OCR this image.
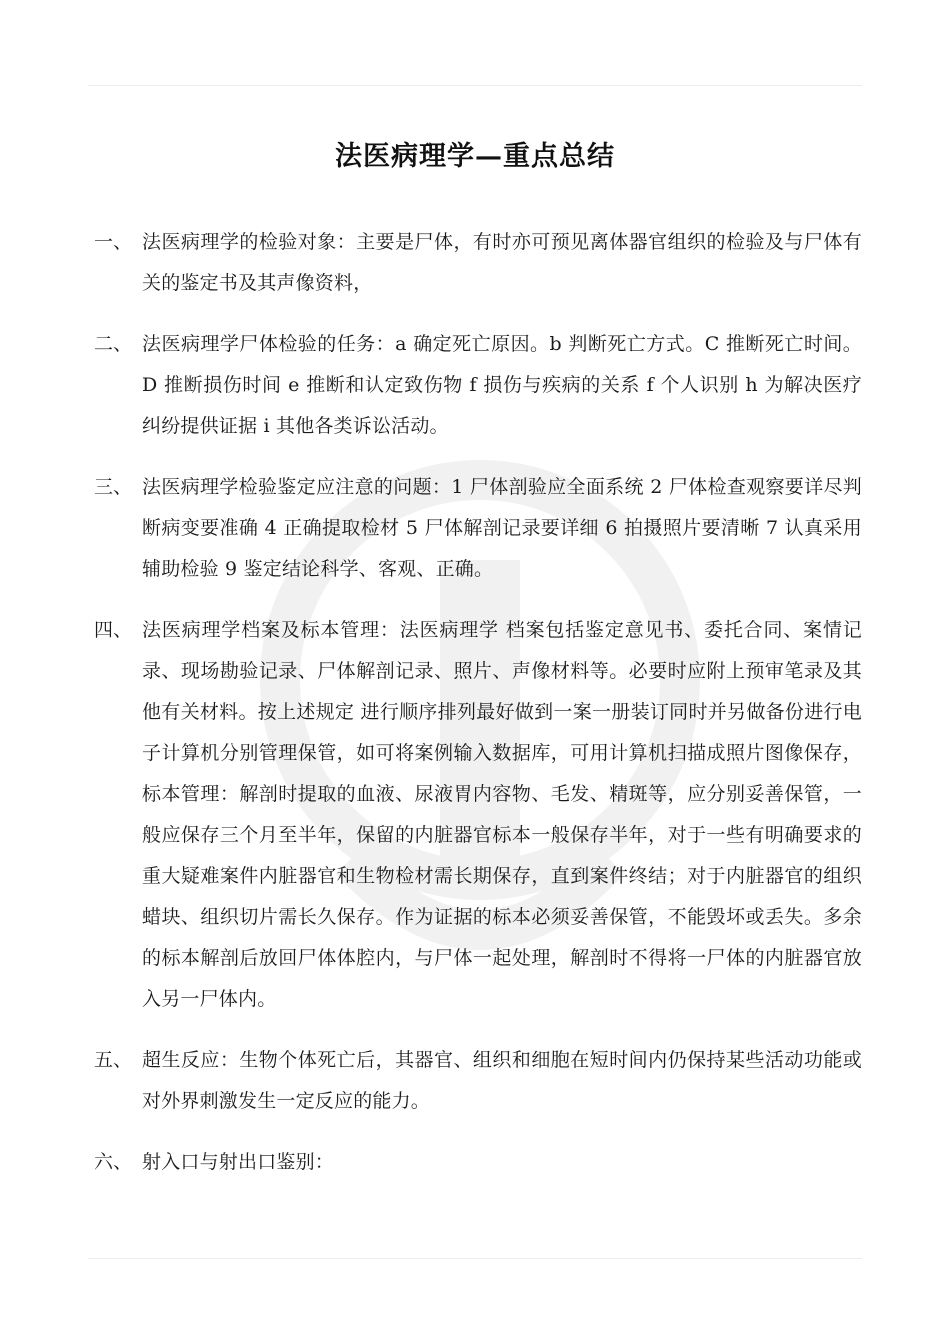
法医病理学—重点总结
一、 法医病理学的检验对象：主要是尸体，有时亦可预见离体器官组织的检验及与尸体有关的鉴定书及其声像资料，
二、 法医病理学尸体检验的任务：a 确定死亡原因。b 判断死亡方式。C 推断死亡时间。D 推断损伤时间 e 推断和认定致伤物 f 损伤与疾病的关系 f 个人识别 h 为解决医疗纠纷提供证据 i 其他各类诉讼活动。
三、 法医病理学检验鉴定应注意的问题：1 尸体剖验应全面系统 2 尸体检查观察要详尽判断病变要准确 4 正确提取检材 5 尸体解剖记录要详细 6 拍摄照片要清晰 7 认真采用辅助检验 9 鉴定结论科学、客观、正确。
四、 法医病理学档案及标本管理：法医病理学 档案包括鉴定意见书、委托合同、案情记录、现场勘验记录、尸体解剖记录、照片、声像材料等。必要时应附上预审笔录及其他有关材料。按上述规定 进行顺序排列最好做到一案一册装订同时并另做备份进行电子计算机分别管理保管，如可将案例输入数据库，可用计算机扫描成照片图像保存，标本管理：解剖时提取的血液、尿液胃内容物、毛发、精斑等，应分别妥善保管，一般应保存三个月至半年，保留的内脏器官标本一般保存半年，对于一些有明确要求的重大疑难案件内脏器官和生物检材需长期保存，直到案件终结；对于内脏器官的组织蜡块、组织切片需长久保存。作为证据的标本必须妥善保管，不能毁坏或丢失。多余的标本解剖后放回尸体体腔内，与尸体一起处理，解剖时不得将一尸体的内脏器官放入另一尸体内。
五、 超生反应：生物个体死亡后，其器官、组织和细胞在短时间内仍保持某些活动功能或对外界刺激发生一定反应的能力。
六、 射入口与射出口鉴别：
